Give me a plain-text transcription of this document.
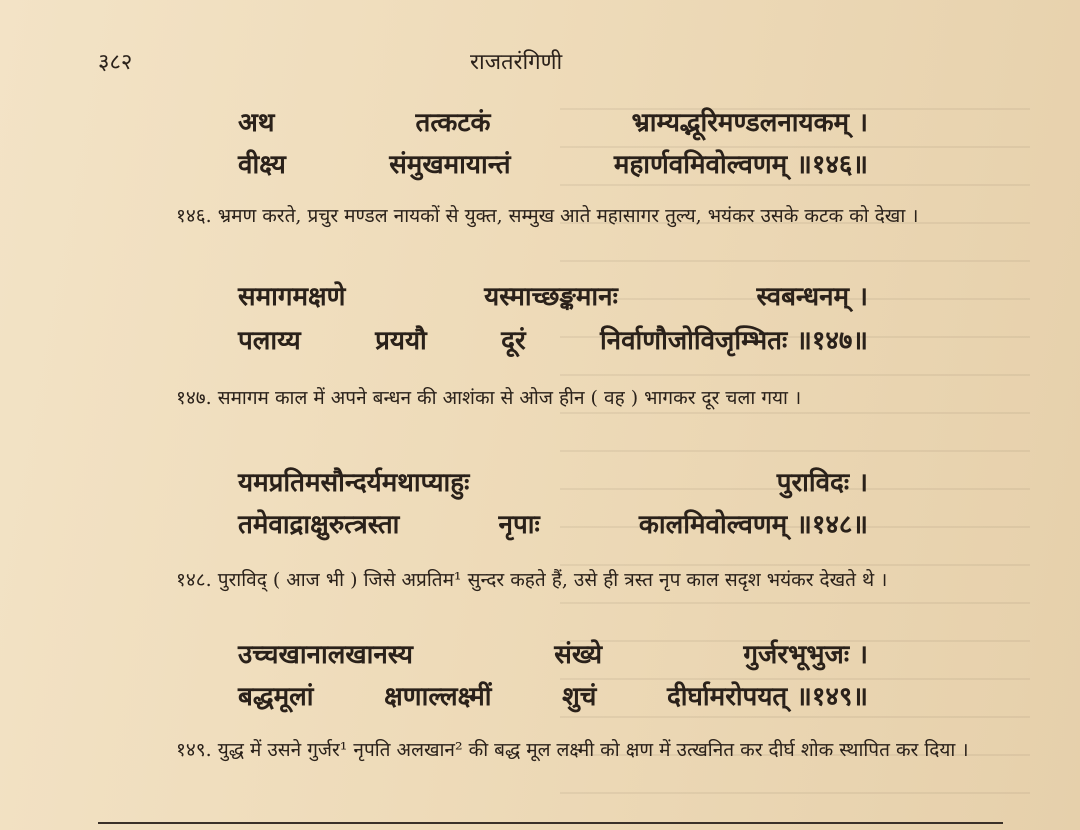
३८२	राजतरंगिणी
अथ	तत्कटकं	भ्राम्यद्भूरिमण्डलनायकम् ।
वीक्ष्य	संमुखमायान्तं	महार्णवमिवोल्वणम् ॥१४६॥
१४६. भ्रमण करते, प्रचुर मण्डल नायकों से युक्त, सम्मुख आते महासागर तुल्य, भयंकर उसके कटक को देखा ।
समागमक्षणे	यस्माच्छङ्कमानः	स्वबन्धनम् ।
पलाय्य	प्रययौ	दूरं	निर्वाणौजोविजृम्भितः ॥१४७॥
१४७. समागम काल में अपने बन्धन की आशंका से ओज हीन ( वह ) भागकर दूर चला गया ।
यमप्रतिमसौन्दर्यमथाप्याहुः	पुराविदः ।
तमेवाद्राक्षुरुत्त्रस्ता	नृपाः	कालमिवोल्वणम् ॥१४८॥
१४८. पुराविद् ( आज भी ) जिसे अप्रतिम¹ सुन्दर कहते हैं, उसे ही त्रस्त नृप काल सदृश भयंकर देखते थे ।
उच्चखानालखानस्य	संख्ये	गुर्जरभूभुजः ।
बद्धमूलां	क्षणाल्लक्ष्मीं	शुचं	दीर्घामरोपयत् ॥१४९॥
१४९. युद्ध में उसने गुर्जर¹ नृपति अलखान² की बद्ध मूल लक्ष्मी को क्षण में उत्खनित कर दीर्घ शोक स्थापित कर दिया ।
